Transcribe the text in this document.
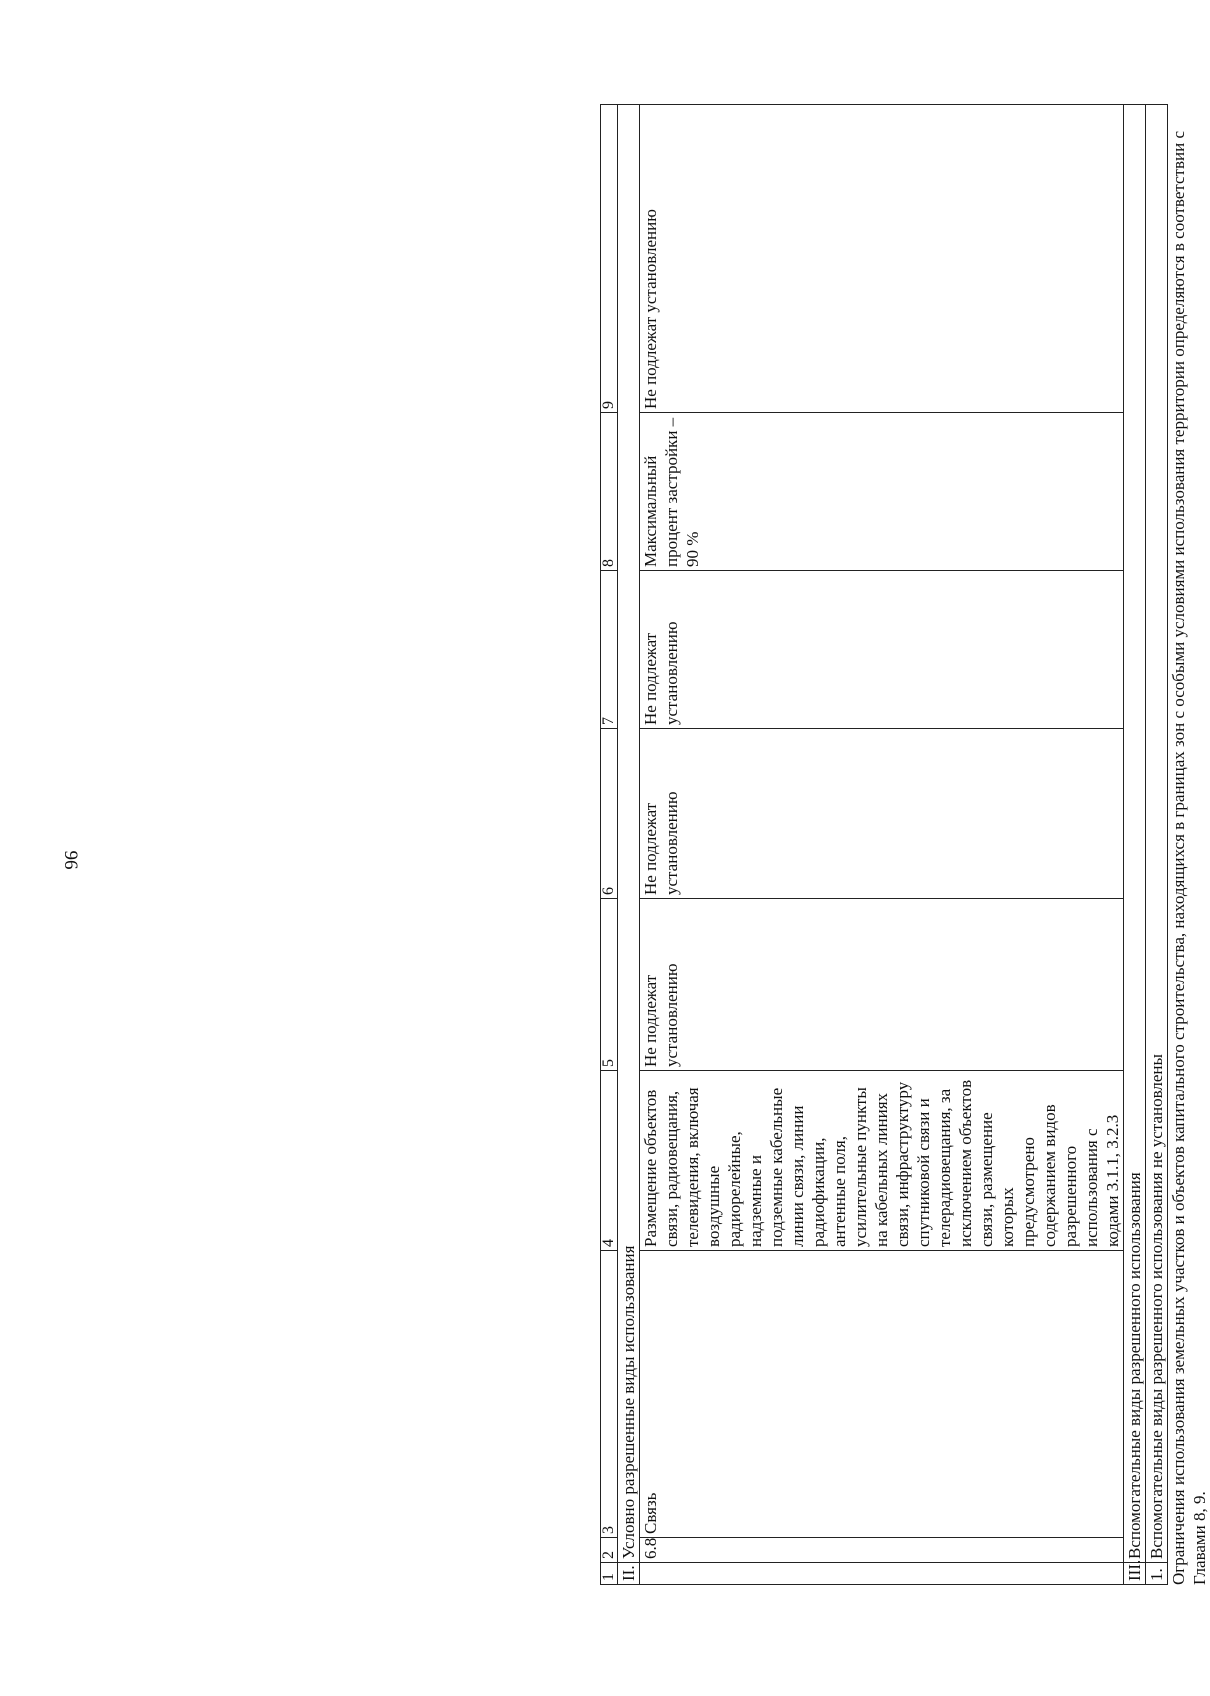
96
1	2	3	4	5	6	7	8	9
II.	Условно разрешенные виды использования							
	6.8	Связь	Размещение объектов связи, радиовещания, телевидения, включая воздушные радиорелейные, надземные и подземные кабельные линии связи, линии радиофикации, антенные поля, усилительные пункты на кабельных линиях связи, инфраструктуру спутниковой связи и телерадиовещания, за исключением объектов связи, размещение которых предусмотрено содержанием видов разрешенного использования с кодами 3.1.1, 3.2.3	Не подлежат установлению	Не подлежат установлению	Не подлежат установлению	Максимальный процент застройки – 90 %	Не подлежат установлению
III.	Вспомогательные виды разрешенного использования							
1.	Вспомогательные виды разрешенного использования не установлены							Ограничения использования земельных участков и объектов капитального строительства, находящихся в границах зон с особыми условиями использования территории определяются в соответствии с Главами 8, 9.
